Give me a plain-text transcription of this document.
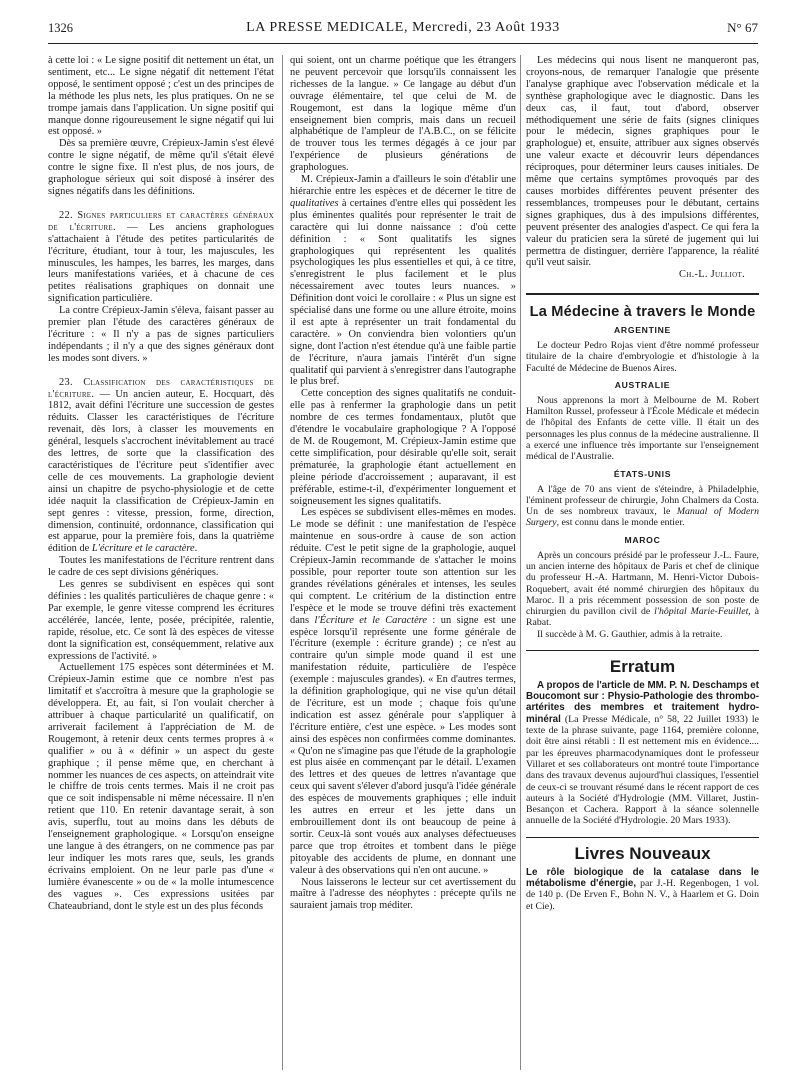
1326	LA PRESSE MEDICALE, Mercredi, 23 Août 1933	N° 67

à cette loi : « Le signe positif dit nettement un état, un sentiment, etc... Le signe négatif dit nettement l'état opposé, le sentiment opposé ; c'est un des principes de la méthode les plus nets, les plus pratiques. On ne se trompe jamais dans l'application. Un signe positif qui manque donne rigoureusement le signe négatif qui lui est opposé. »

Dès sa première œuvre, Crépieux-Jamin s'est élevé contre le signe négatif, de même qu'il s'était élevé contre le signe fixe. Il n'est plus, de nos jours, de graphologue sérieux qui soit disposé à insérer des signes négatifs dans les définitions.

22. Signes particuliers et caractères généraux de l'écriture. — Les anciens graphologues s'attachaient à l'étude des petites particularités de l'écriture, étudiant, tour à tour, les majuscules, les minuscules, les hampes, les barres, les marges, dans leurs manifestations variées, et à chacune de ces petites réalisations graphiques on donnait une signification particulière.

La contre Crépieux-Jamin s'éleva, faisant passer au premier plan l'étude des caractères généraux de l'écriture : « Il n'y a pas de signes particuliers indépendants ; il n'y a que des signes généraux dont les modes sont divers. »

23. Classification des caractéristiques de l'écriture. — Un ancien auteur, E. Hocquart, dès 1812, avait défini l'écriture une succession de gestes réduits. Classer les caractéristiques de l'écriture revenait, dès lors, à classer les mouvements en général, lesquels s'accrochent inévitablement au tracé des lettres, de sorte que la classification des caractéristiques de l'écriture peut s'identifier avec celle de ces mouvements. La graphologie devient ainsi un chapitre de psycho-physiologie et de cette idée naquit la classification de Crépieux-Jamin en sept genres : vitesse, pression, forme, direction, dimension, continuité, ordonnance, classification qui est apparue, pour la première fois, dans la quatrième édition de L'écriture et le caractère.

Toutes les manifestations de l'écriture rentrent dans le cadre de ces sept divisions génériques.

Les genres se subdivisent en espèces qui sont définies : les qualités particulières de chaque genre : « Par exemple, le genre vitesse comprend les écritures accélérée, lancée, lente, posée, précipitée, ralentie, rapide, résolue, etc. Ce sont là des espèces de vitesse dont la signification est, conséquemment, relative aux expressions de l'activité. »

Actuellement 175 espèces sont déterminées et M. Crépieux-Jamin estime que ce nombre n'est pas limitatif et s'accroîtra à mesure que la graphologie se développera. Et, au fait, si l'on voulait chercher à attribuer à chaque particularité un qualificatif, on arriverait facilement à l'appréciation de M. de Rougemont, à retenir deux cents termes propres à « qualifier » ou à « définir » un aspect du geste graphique ; il pense même que, en cherchant à nommer les nuances de ces aspects, on atteindrait vite le chiffre de trois cents termes. Mais il ne croit pas que ce soit indispensable ni même nécessaire. Il n'en retient que 110. En retenir davantage serait, à son avis, superflu, tout au moins dans les débuts de l'enseignement graphologique. « Lorsqu'on enseigne une langue à des étrangers, on ne commence pas par leur indiquer les mots rares que, seuls, les grands écrivains emploient. On ne leur parle pas d'une « lumière évanescente » ou de « la molle intumescence des vagues ». Ces expressions usitées par Chateaubriand, dont le style est un des plus féconds

qui soient, ont un charme poétique que les étrangers ne peuvent percevoir que lorsqu'ils connaissent les richesses de la langue. » Ce langage au début d'un ouvrage élémentaire, tel que celui de M. de Rougemont, est dans la logique même d'un enseignement bien compris, mais dans un recueil alphabétique de l'ampleur de l'A.B.C., on se félicite de trouver tous les termes dégagés à ce jour par l'expérience de plusieurs générations de graphologues.

M. Crépieux-Jamin a d'ailleurs le soin d'établir une hiérarchie entre les espèces et de décerner le titre de qualitatives à certaines d'entre elles qui possèdent les plus éminentes qualités pour représenter le trait de caractère qui lui donne naissance : d'où cette définition : « Sont qualitatifs les signes graphologiques qui représentent les qualités psychologiques les plus essentielles et qui, à ce titre, s'enregistrent le plus facilement et le plus nécessairement avec toutes leurs nuances. » Définition dont voici le corollaire : « Plus un signe est spécialisé dans une forme ou une allure étroite, moins il est apte à représenter un trait fondamental du caractère. » On conviendra bien volontiers qu'un signe, dont l'action n'est étendue qu'à une faible partie de l'écriture, n'aura jamais l'intérêt d'un signe qualitatif qui parvient à s'enregistrer dans l'autographe le plus bref.

Cette conception des signes qualitatifs ne conduit-elle pas à renfermer la graphologie dans un petit nombre de ces termes fondamentaux, plutôt que d'étendre le vocabulaire graphologique ? A l'opposé de M. de Rougemont, M. Crépieux-Jamin estime que cette simplification, pour désirable qu'elle soit, serait prématurée, la graphologie étant actuellement en pleine période d'accroissement ; auparavant, il est préférable, estime-t-il, d'expérimenter longuement et soigneusement les signes qualitatifs.

Les espèces se subdivisent elles-mêmes en modes. Le mode se définit : une manifestation de l'espèce maintenue en sous-ordre à cause de son action réduite. C'est le petit signe de la graphologie, auquel Crépieux-Jamin recommande de s'attacher le moins possible, pour reporter toute son attention sur les grandes révélations générales et intenses, les seules qui comptent. Le critérium de la distinction entre l'espèce et le mode se trouve défini très exactement dans l'Écriture et le Caractère : un signe est une espèce lorsqu'il représente une forme générale de l'écriture (exemple : écriture grande) ; ce n'est au contraire qu'un simple mode quand il est une manifestation réduite, particulière de l'espèce (exemple : majuscules grandes). « En d'autres termes, la définition graphologique, qui ne vise qu'un détail de l'écriture, est un mode ; chaque fois qu'une indication est assez générale pour s'appliquer à l'écriture entière, c'est une espèce. » Les modes sont ainsi des espèces non confirmées comme dominantes. « Qu'on ne s'imagine pas que l'étude de la graphologie est plus aisée en commençant par le détail. L'examen des lettres et des queues de lettres n'avantage que ceux qui savent s'élever d'abord jusqu'à l'idée générale des espèces de mouvements graphiques ; elle induit les autres en erreur et les jette dans un embrouillement dont ils ont beaucoup de peine à sortir. Ceux-là sont voués aux analyses défectueuses parce que trop étroites et tombent dans le piège pitoyable des accidents de plume, en donnant une valeur à des observations qui n'en ont aucune. »

Nous laisserons le lecteur sur cet avertissement du maître à l'adresse des néophytes : précepte qu'ils ne sauraient jamais trop méditer.

Les médecins qui nous lisent ne manqueront pas, croyons-nous, de remarquer l'analogie que présente l'analyse graphique avec l'observation médicale et la synthèse graphologique avec le diagnostic. Dans les deux cas, il faut, tout d'abord, observer méthodiquement une série de faits (signes cliniques pour le médecin, signes graphiques pour le graphologue) et, ensuite, attribuer aux signes observés une valeur exacte et découvrir leurs dépendances réciproques, pour déterminer leurs causes initiales. De même que certains symptômes provoqués par des causes morbides différentes peuvent présenter des ressemblances, trompeuses pour le débutant, certains signes graphiques, dus à des impulsions différentes, peuvent présenter des analogies d'aspect. Ce qui fera la valeur du praticien sera la sûreté de jugement qui lui permettra de distinguer, derrière l'apparence, la réalité qu'il veut saisir.

Ch.-L. Julliot.

La Médecine à travers le Monde
ARGENTINE

Le docteur Pedro Rojas vient d'être nommé professeur titulaire de la chaire d'embryologie et d'histologie à la Faculté de Médecine de Buenos Aires.

AUSTRALIE

Nous apprenons la mort à Melbourne de M. Robert Hamilton Russel, professeur à l'École Médicale et médecin de l'hôpital des Enfants de cette ville. Il était un des personnages les plus connus de la médecine australienne. Il a exercé une influence très importante sur l'enseignement médical de l'Australie.

ÉTATS-UNIS

A l'âge de 70 ans vient de s'éteindre, à Philadelphie, l'éminent professeur de chirurgie, John Chalmers da Costa. Un de ses nombreux travaux, le Manual of Modern Surgery, est connu dans le monde entier.

MAROC

Après un concours présidé par le professeur J.-L. Faure, un ancien interne des hôpitaux de Paris et chef de clinique du professeur H.-A. Hartmann, M. Henri-Victor Dubois-Roquebert, avait été nommé chirurgien des hôpitaux du Maroc. Il a pris récemment possession de son poste de chirurgien du pavillon civil de l'hôpital Marie-Feuillet, à Rabat.

Il succède à M. G. Gauthier, admis à la retraite.

Erratum

A propos de l'article de MM. P. N. Deschamps et Boucomont sur : Physio-Pathologie des thrombo-artérites des membres et traitement hydro-minéral (La Presse Médicale, n° 58, 22 Juillet 1933) le texte de la phrase suivante, page 1164, première colonne, doit être ainsi rétabli : Il est nettement mis en évidence.... par les épreuves pharmacodynamiques dont le professeur Villaret et ses collaborateurs ont montré toute l'importance dans des travaux devenus aujourd'hui classiques, l'essentiel de ceux-ci se trouvant résumé dans le récent rapport de ces auteurs à la Société d'Hydrologie (MM. Villaret, Justin-Besançon et Cachera. Rapport à la séance solennelle annuelle de la Société d'Hydrologie. 20 Mars 1933).

Livres Nouveaux

Le rôle biologique de la catalase dans le métabolisme d'énergie, par J.-H. Regenbogen, 1 vol. de 140 p. (De Erven F., Bohn N. V., à Haarlem et G. Doin et Cie).
